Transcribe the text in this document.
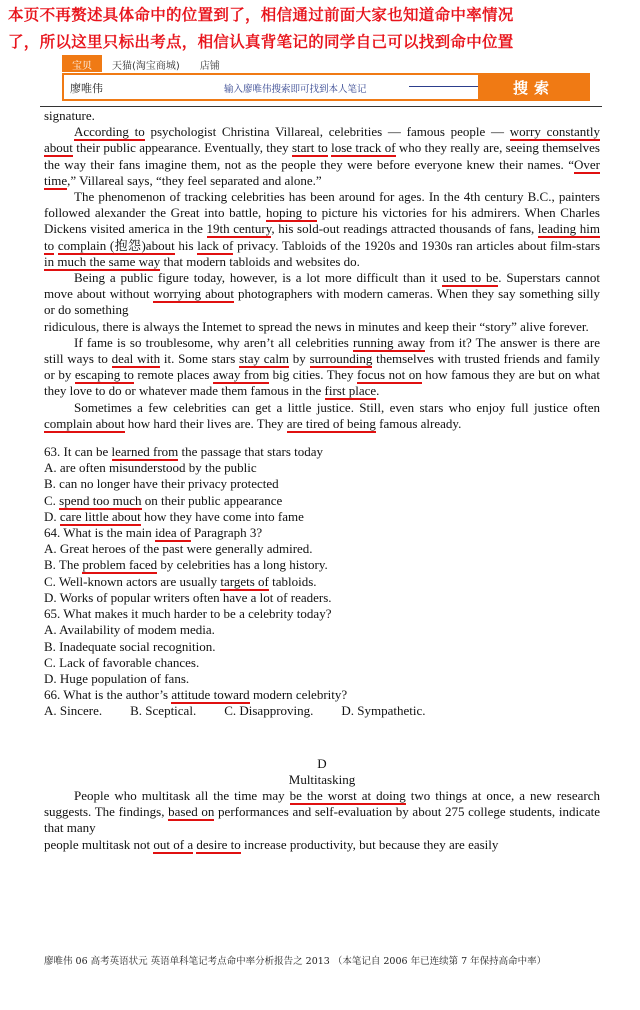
本页不再赘述具体命中的位置到了，相信通过前面大家也知道命中率情况
了，所以这里只标出考点，相信认真背笔记的同学自己可以找到命中位置
宝贝	天猫(淘宝商城)	店铺
廖唯伟	输入廖唯伟搜索即可找到本人笔记	搜索

signature.

According to psychologist Christina Villareal, celebrities — famous people — worry constantly about their public appearance. Eventually, they start to lose track of who they really are, seeing themselves the way their fans imagine them, not as the people they were before everyone knew their names. “Over time,” Villareal says, “they feel separated and alone.”

The phenomenon of tracking celebrities has been around for ages. In the 4th century B.C., painters followed alexander the Great into battle, hoping to picture his victories for his admirers. When Charles Dickens visited america in the 19th century, his sold-out readings attracted thousands of fans, leading him to complain (抱怨)about his lack of privacy. Tabloids of the 1920s and 1930s ran articles about film-stars in much the same way that modern tabloids and websites do.

Being a public figure today, however, is a lot more difficult than it used to be. Superstars cannot move about without worrying about photographers with modern cameras. When they say something silly or do something

ridiculous, there is always the Intemet to spread the news in minutes and keep their “story” alive forever.

If fame is so troublesome, why aren’t all celebrities running away from it? The answer is there are still ways to deal with it. Some stars stay calm by surrounding themselves with trusted friends and family or by escaping to remote places away from big cities. They focus not on how famous they are but on what they love to do or whatever made them famous in the first place.

Sometimes a few celebrities can get a little justice. Still, even stars who enjoy full justice often complain about how hard their lives are. They are tired of being famous already.

63. It can be learned from the passage that stars today

A. are often misunderstood by the public

B. can no longer have their privacy protected

C. spend too much on their public appearance

D. care little about how they have come into fame

64. What is the main idea of Paragraph 3?

A. Great heroes of the past were generally admired.

B. The problem faced by celebrities has a long history.

C. Well-known actors are usually targets of tabloids.

D. Works of popular writers often have a lot of readers.

65. What makes it much harder to be a celebrity today?

A. Availability of modem media.

B. Inadequate social recognition.

C. Lack of favorable chances.

D. Huge population of fans.

66. What is the author’s attitude toward modern celebrity?

A. Sincere. B. Sceptical. C. Disapproving. D. Sympathetic.

D

Multitasking

People who multitask all the time may be the worst at doing two things at once, a new research suggests. The findings, based on performances and self-evaluation by about 275 college students, indicate that many

people multitask not out of a desire to increase productivity, but because they are easily

廖唯伟 06 高考英语状元 英语单科笔记考点命中率分析报告之 2013 （本笔记自 2006 年已连续第 7 年保持高命中率）
